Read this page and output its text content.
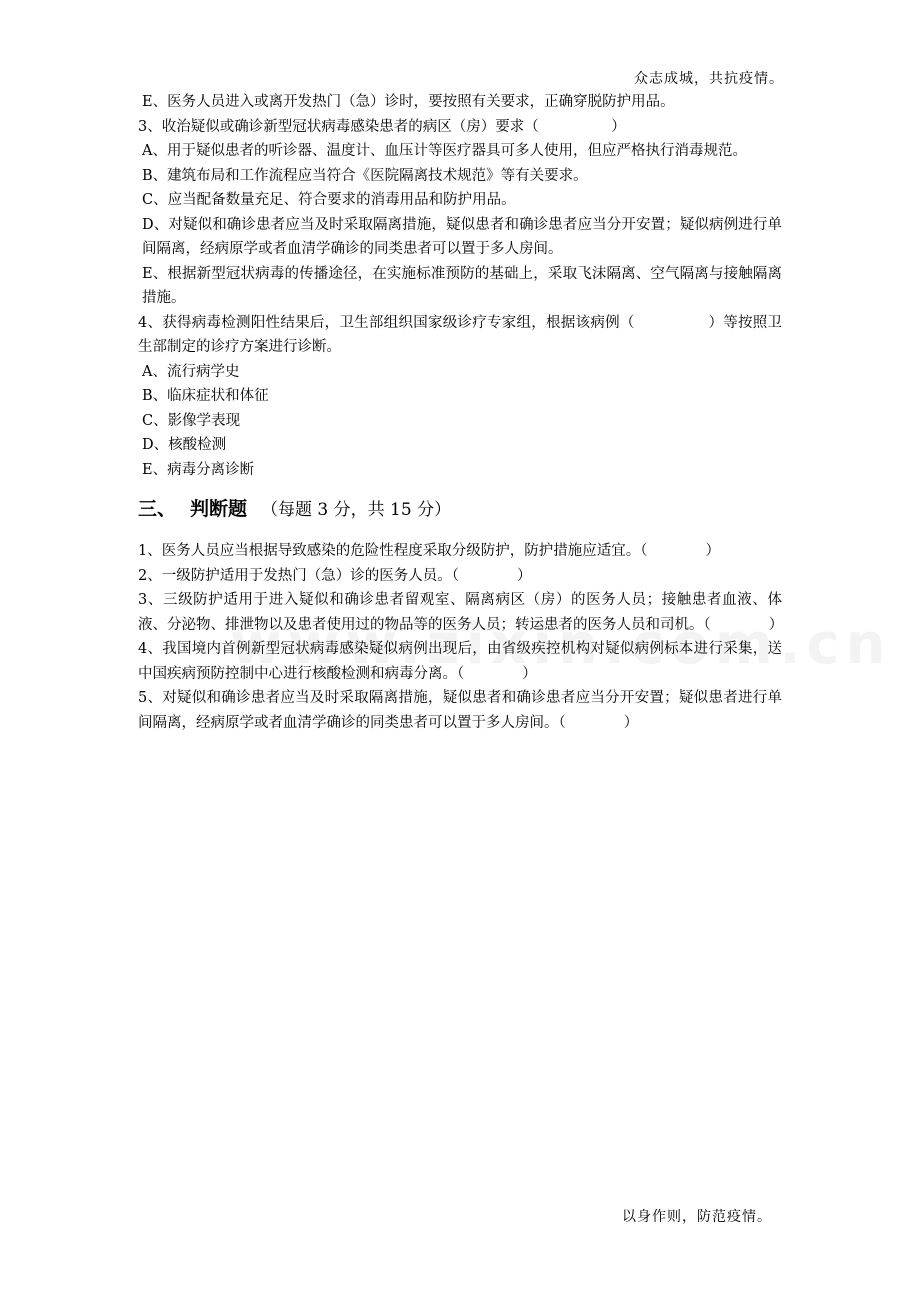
众志成城，共抗疫情。

E、医务人员进入或离开发热门（急）诊时，要按照有关要求，正确穿脱防护用品。

3、收治疑似或确诊新型冠状病毒感染患者的病区（房）要求（　　　　　）

A、用于疑似患者的听诊器、温度计、血压计等医疗器具可多人使用，但应严格执行消毒规范。

B、建筑布局和工作流程应当符合《医院隔离技术规范》等有关要求。

C、应当配备数量充足、符合要求的消毒用品和防护用品。

D、对疑似和确诊患者应当及时采取隔离措施，疑似患者和确诊患者应当分开安置；疑似病例进行单间隔离，经病原学或者血清学确诊的同类患者可以置于多人房间。

E、根据新型冠状病毒的传播途径，在实施标准预防的基础上，采取飞沫隔离、空气隔离与接触隔离措施。

4、获得病毒检测阳性结果后，卫生部组织国家级诊疗专家组，根据该病例（　　　　　）等按照卫生部制定的诊疗方案进行诊断。

A、流行病学史

B、临床症状和体征

C、影像学表现

D、核酸检测

E、病毒分离诊断

三、 判断题 （每题 3 分，共 15 分）

1、医务人员应当根据导致感染的危险性程度采取分级防护，防护措施应适宜。（　　　　）

2、一级防护适用于发热门（急）诊的医务人员。（　　　　）

3、三级防护适用于进入疑似和确诊患者留观室、隔离病区（房）的医务人员；接触患者血液、体液、分泌物、排泄物以及患者使用过的物品等的医务人员；转运患者的医务人员和司机。（　　　　）

4、我国境内首例新型冠状病毒感染疑似病例出现后，由省级疾控机构对疑似病例标本进行采集，送中国疾病预防控制中心进行核酸检测和病毒分离。（　　　　）

5、对疑似和确诊患者应当及时采取隔离措施，疑似患者和确诊患者应当分开安置；疑似患者进行单间隔离，经病原学或者血清学确诊的同类患者可以置于多人房间。（　　　　）

以身作则，防范疫情。
